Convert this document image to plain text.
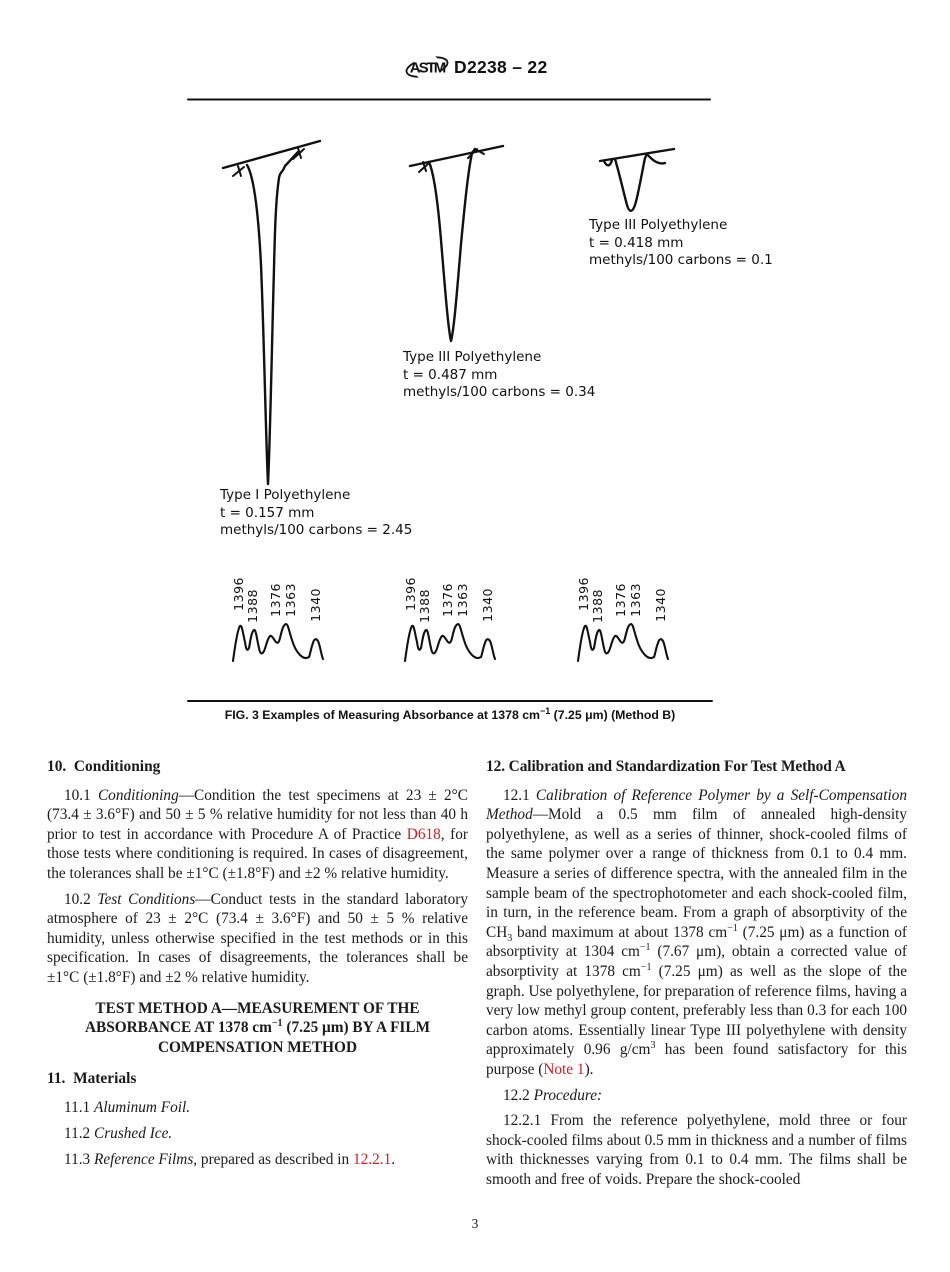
ASTM D2238 – 22
Type I Polyethylene
t = 0.157 mm
methyls/100 carbons = 2.45
Type III Polyethylene
t = 0.487 mm
methyls/100 carbons = 0.34
Type III Polyethylene
t = 0.418 mm
methyls/100 carbons = 0.1
1396 1388 1376 1363 1340	1396 1388 1376 1363 1340	1396 1388 1376 1363 1340
FIG. 3 Examples of Measuring Absorbance at 1378 $cm^{-1}$ (7.25 μm) (Method B)
10.  Conditioning

10.1 Conditioning—Condition the test specimens at 23 ± 2°C (73.4 ± 3.6°F) and 50 ± 5 % relative humidity for not less than 40 h prior to test in accordance with Procedure A of Practice D618, for those tests where conditioning is required. In cases of disagreement, the tolerances shall be ±1°C (±1.8°F) and ±2 % relative humidity.

10.2 Test Conditions—Conduct tests in the standard laboratory atmosphere of 23 ± 2°C (73.4 ± 3.6°F) and 50 ± 5 % relative humidity, unless otherwise specified in the test methods or in this specification. In cases of disagreements, the tolerances shall be ±1°C (±1.8°F) and ±2 % relative humidity.

TEST METHOD A—MEASUREMENT OF THE ABSORBANCE AT 1378 $cm^{-1}$ (7.25 μm) BY A FILM COMPENSATION METHOD

11.  Materials

11.1 Aluminum Foil.

11.2 Crushed Ice.

11.3 Reference Films, prepared as described in 12.2.1.

12. Calibration and Standardization For Test Method A

12.1 Calibration of Reference Polymer by a Self-Compensation Method—Mold a 0.5 mm film of annealed high-density polyethylene, as well as a series of thinner, shock-cooled films of the same polymer over a range of thickness from 0.1 to 0.4 mm. Measure a series of difference spectra, with the annealed film in the sample beam of the spectrophotometer and each shock-cooled film, in turn, in the reference beam. From a graph of absorptivity of the $CH_3$ band maximum at about 1378 $cm^{-1}$ (7.25 μm) as a function of absorptivity at 1304 $cm^{-1}$ (7.67 μm), obtain a corrected value of absorptivity at 1378 $cm^{-1}$ (7.25 μm) as well as the slope of the graph. Use polyethylene, for preparation of reference films, having a very low methyl group content, preferably less than 0.3 for each 100 carbon atoms. Essentially linear Type III polyethylene with density approximately 0.96 $g/cm^3$ has been found satisfactory for this purpose (Note 1).

12.2 Procedure:

12.2.1 From the reference polyethylene, mold three or four shock-cooled films about 0.5 mm in thickness and a number of films with thicknesses varying from 0.1 to 0.4 mm. The films shall be smooth and free of voids. Prepare the shock-cooled

3
